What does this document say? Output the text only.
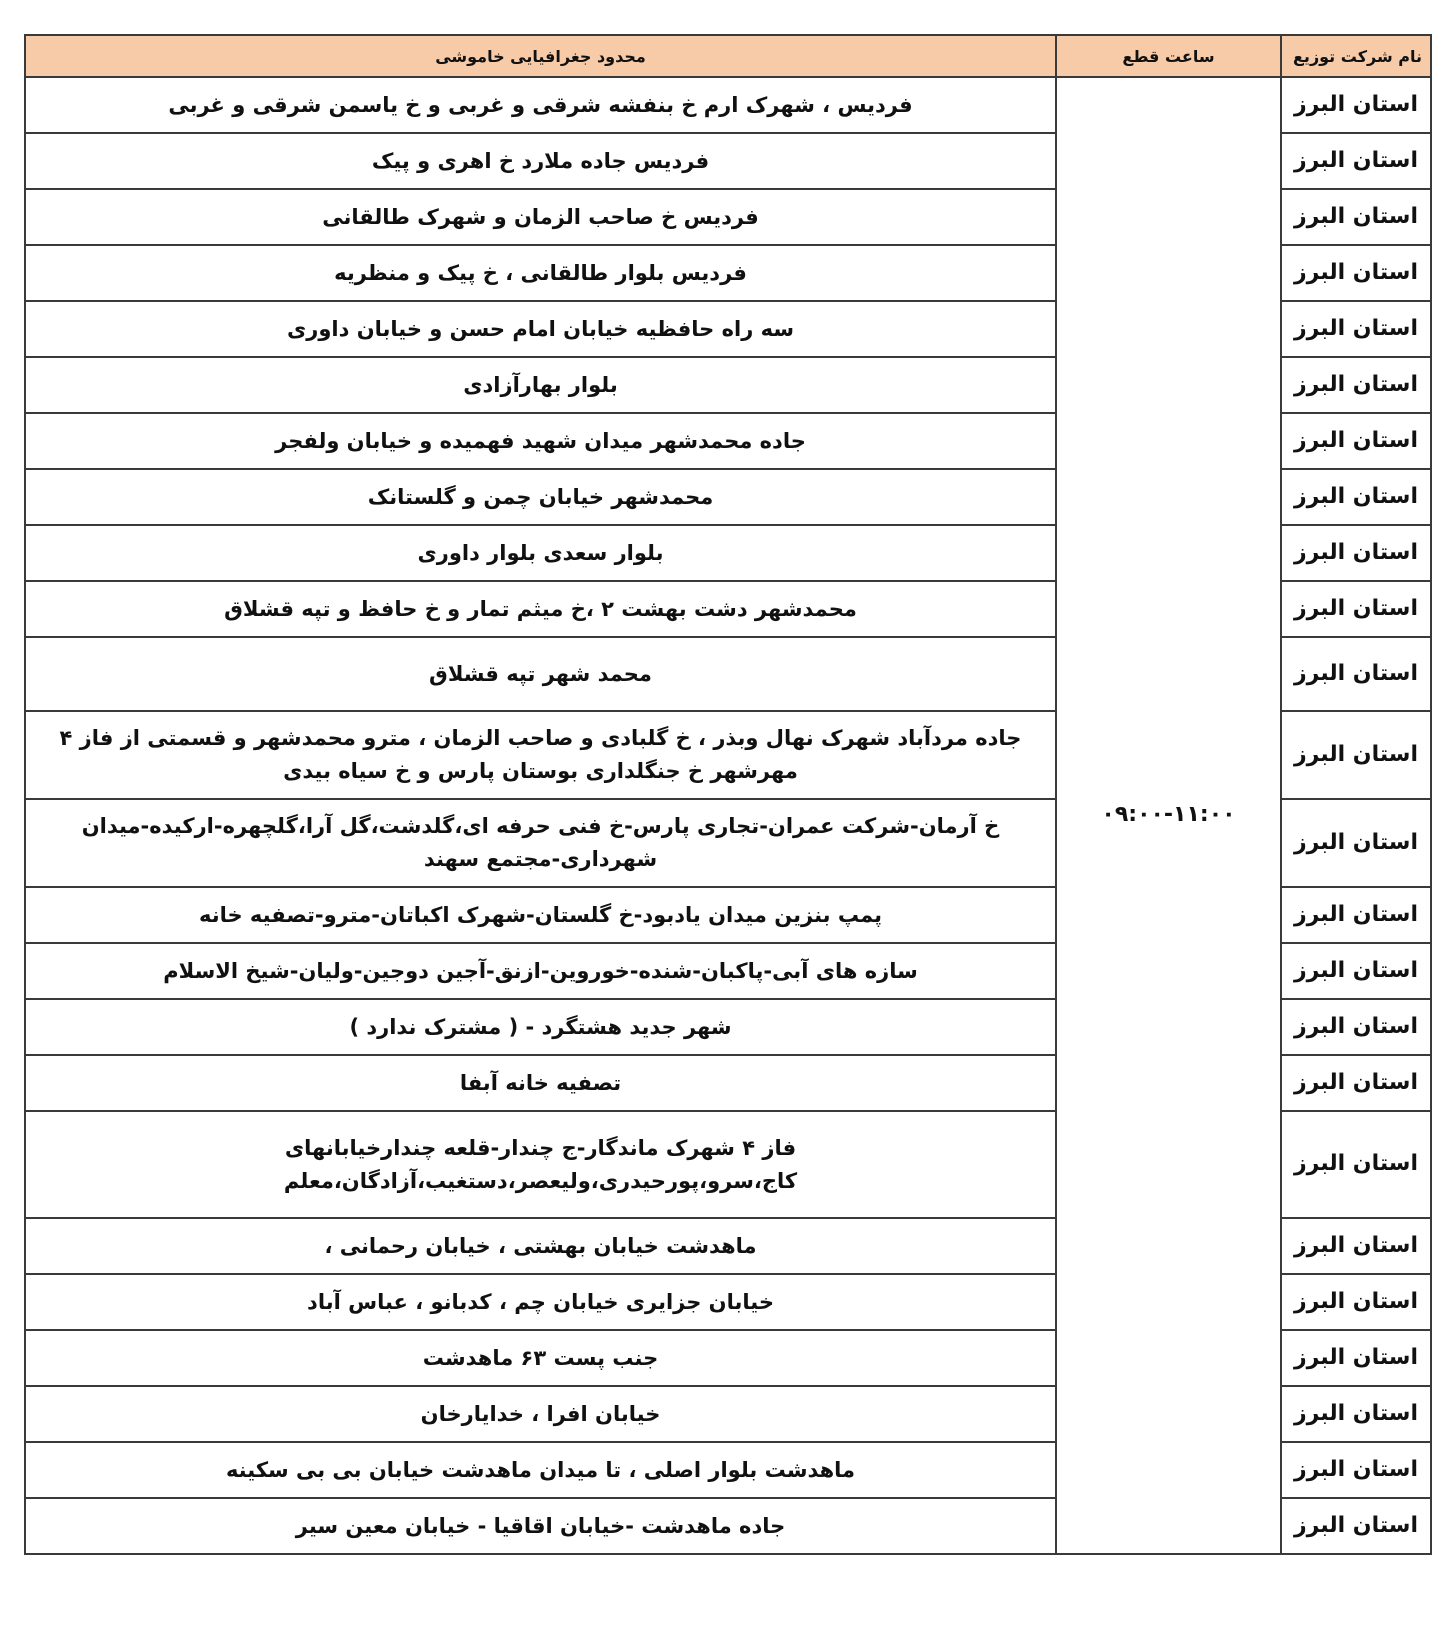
نام شرکت توزیع	ساعت قطع	محدود جغرافیایی خاموشی
استان البرز	۰۹:۰۰-۱۱:۰۰	فردیس ، شهرک ارم خ بنفشه شرقی و غربی و خ یاسمن شرقی و غربی
استان البرز		فردیس جاده ملارد خ اهری و پیک
استان البرز		فردیس خ صاحب الزمان و شهرک طالقانی
استان البرز		فردیس بلوار طالقانی ، خ پیک و منظریه
استان البرز		سه راه حافظیه خیابان امام حسن و خیابان داوری
استان البرز		بلوار بهارآزادی
استان البرز		جاده محمدشهر میدان شهید فهمیده و خیابان ولفجر
استان البرز		محمدشهر خیابان چمن و گلستانک
استان البرز		بلوار سعدی بلوار داوری
استان البرز		محمدشهر دشت بهشت ۲ ،خ میثم تمار و خ حافظ و تپه قشلاق
استان البرز		محمد شهر تپه قشلاق
استان البرز		جاده مردآباد شهرک نهال وبذر ، خ گلبادی و صاحب الزمان ، مترو محمدشهر و قسمتی از فاز ۴ مهرشهر خ جنگلداری بوستان پارس و خ سیاه بیدی
استان البرز		خ آرمان-شرکت عمران-تجاری پارس-خ فنی حرفه ای،گلدشت،گل آرا،گلچهره-ارکیده-میدان شهرداری-مجتمع سهند
استان البرز		پمپ بنزین میدان یادبود-خ گلستان-شهرک اکباتان-مترو-تصفیه خانه
استان البرز		سازه های آبی-پاکبان-شنده-خوروین-ازنق-آجین دوجین-ولیان-شیخ الاسلام
استان البرز		شهر جدید هشتگرد - ( مشترک ندارد )
استان البرز		تصفیه خانه آبفا
استان البرز		فاز ۴ شهرک ماندگار-ج چندار-قلعه چندارخیابانهای کاج،سرو،پورحیدری،ولیعصر،دستغیب،آزادگان،معلم
استان البرز		ماهدشت خیابان بهشتی ، خیابان رحمانی ،
استان البرز		خیابان جزایری خیابان چم ، کدبانو ، عباس آباد
استان البرز		جنب پست ۶۳ ماهدشت
استان البرز		خیابان افرا ، خدایارخان
استان البرز		ماهدشت بلوار اصلی ، تا میدان ماهدشت خیابان بی بی سکینه
استان البرز		جاده ماهدشت -خیابان اقاقیا - خیابان معین سیر
